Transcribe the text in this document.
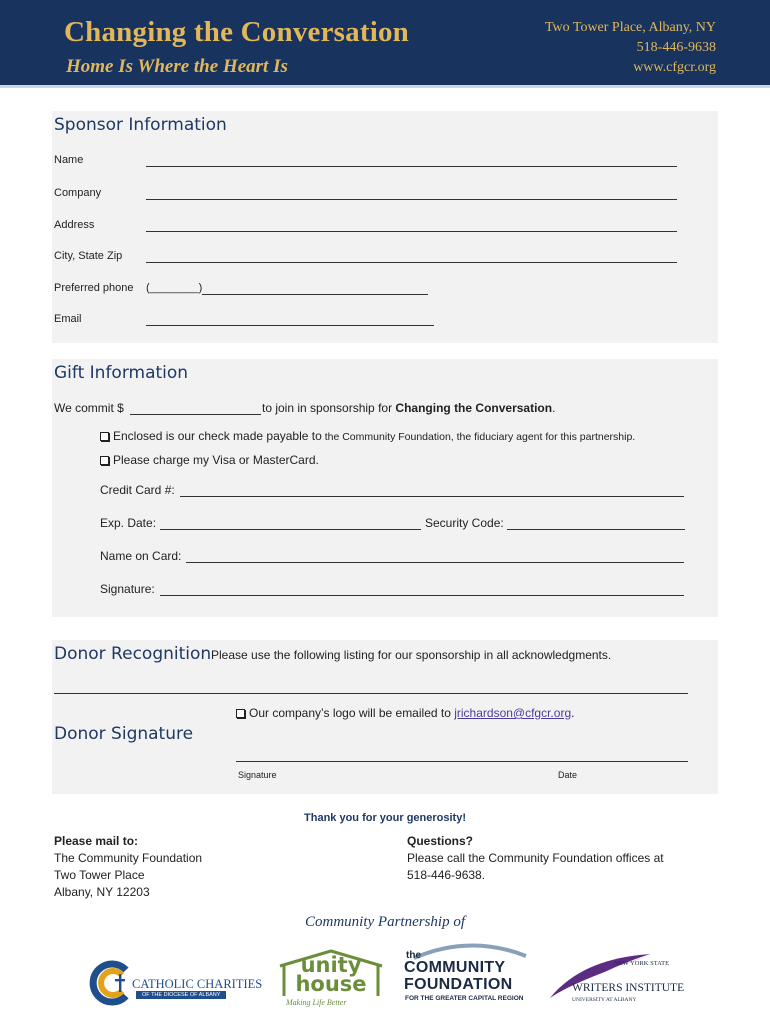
Changing the Conversation
Home Is Where the Heart Is
Two Tower Place, Albany, NY
518-446-9638
www.cfgcr.org
Sponsor Information
Name
Company
Address
City, State Zip
Preferred phone (________)
Email
Gift Information
We commit $	to join in sponsorship for Changing the Conversation.
Enclosed is our check made payable to the Community Foundation, the fiduciary agent for this partnership.
Please charge my Visa or MasterCard.
Credit Card #:
Exp. Date:	Security Code:
Name on Card:
Signature:
Donor Recognition Please use the following listing for our sponsorship in all acknowledgments.
Our company’s logo will be emailed to jrichardson@cfgcr.org.
Donor Signature
Signature	Date
Thank you for your generosity!
Please mail to:
The Community Foundation
Two Tower Place
Albany, NY 12203
Questions?
Please call the Community Foundation offices at
518-446-9638.
Community Partnership of
CATHOLIC CHARITIES
OF THE DIOCESE OF ALBANY
unity house
Making Life Better
the
COMMUNITY
FOUNDATION
FOR THE GREATER CAPITAL REGION
NEW YORK STATE
WRITERS INSTITUTE
UNIVERSITY AT ALBANY
